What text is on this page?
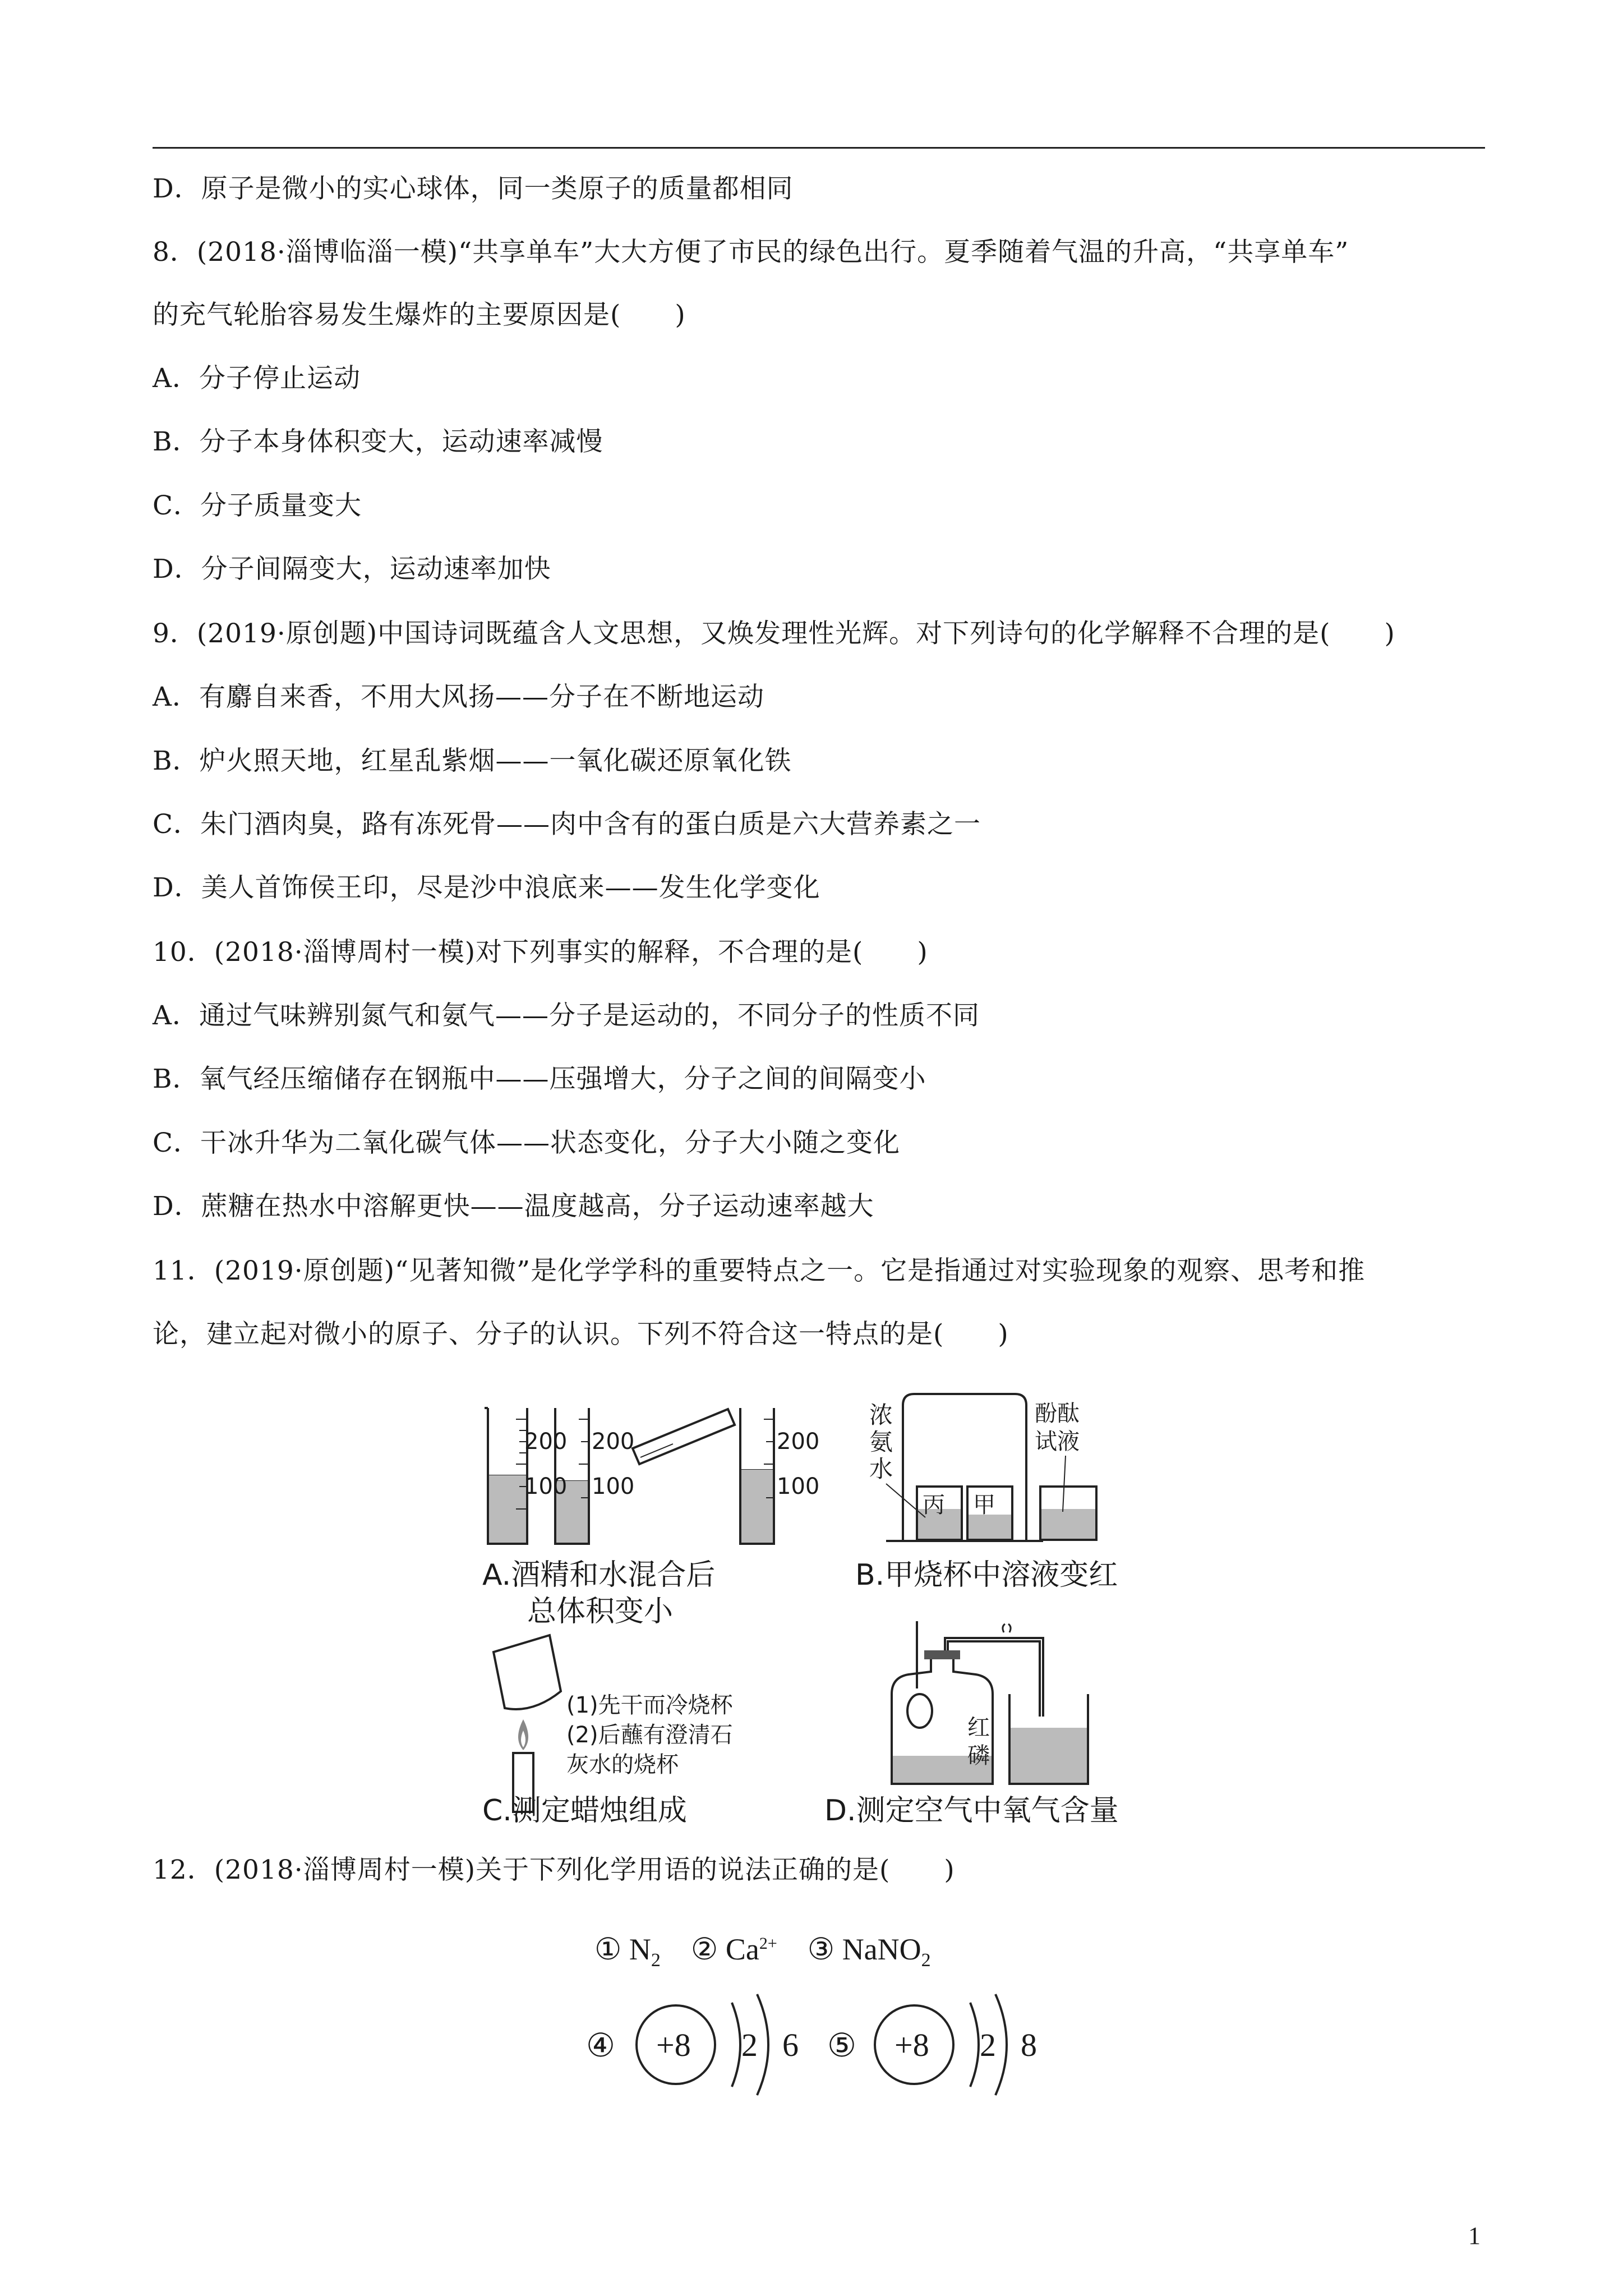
D．原子是微小的实心球体，同一类原子的质量都相同
8．(2018·淄博临淄一模)“共享单车”大大方便了市民的绿色出行。夏季随着气温的升高，“共享单车”
的充气轮胎容易发生爆炸的主要原因是(　　)
A．分子停止运动
B．分子本身体积变大，运动速率减慢
C．分子质量变大
D．分子间隔变大，运动速率加快
9．(2019·原创题)中国诗词既蕴含人文思想，又焕发理性光辉。对下列诗句的化学解释不合理的是(　　)
A．有麝自来香，不用大风扬——分子在不断地运动
B．炉火照天地，红星乱紫烟——一氧化碳还原氧化铁
C．朱门酒肉臭，路有冻死骨——肉中含有的蛋白质是六大营养素之一
D．美人首饰侯王印，尽是沙中浪底来——发生化学变化
10．(2018·淄博周村一模)对下列事实的解释，不合理的是(　　)
A．通过气味辨别氮气和氨气——分子是运动的，不同分子的性质不同
B．氧气经压缩储存在钢瓶中——压强增大，分子之间的间隔变小
C．干冰升华为二氧化碳气体——状态变化，分子大小随之变化
D．蔗糖在热水中溶解更快——温度越高，分子运动速率越大
11．(2019·原创题)“见著知微”是化学学科的重要特点之一。它是指通过对实验现象的观察、思考和推
论，建立起对微小的原子、分子的认识。下列不符合这一特点的是(　　)
200
100
200
100
200
100
A.酒精和水混合后
总体积变小
浓
氨
水
酚酞
试液
丙 甲
B.甲烧杯中溶液变红
(1)先干而冷烧杯
(2)后蘸有澄清石
灰水的烧杯
C.测定蜡烛组成
红
磷
D.测定空气中氧气含量
12．(2018·淄博周村一模)关于下列化学用语的说法正确的是(　　)
① $N_2$ ② $Ca^{2+}$ ③ NaNO$_2$
④ +8 2 6 ⑤ +8 2 8
1
